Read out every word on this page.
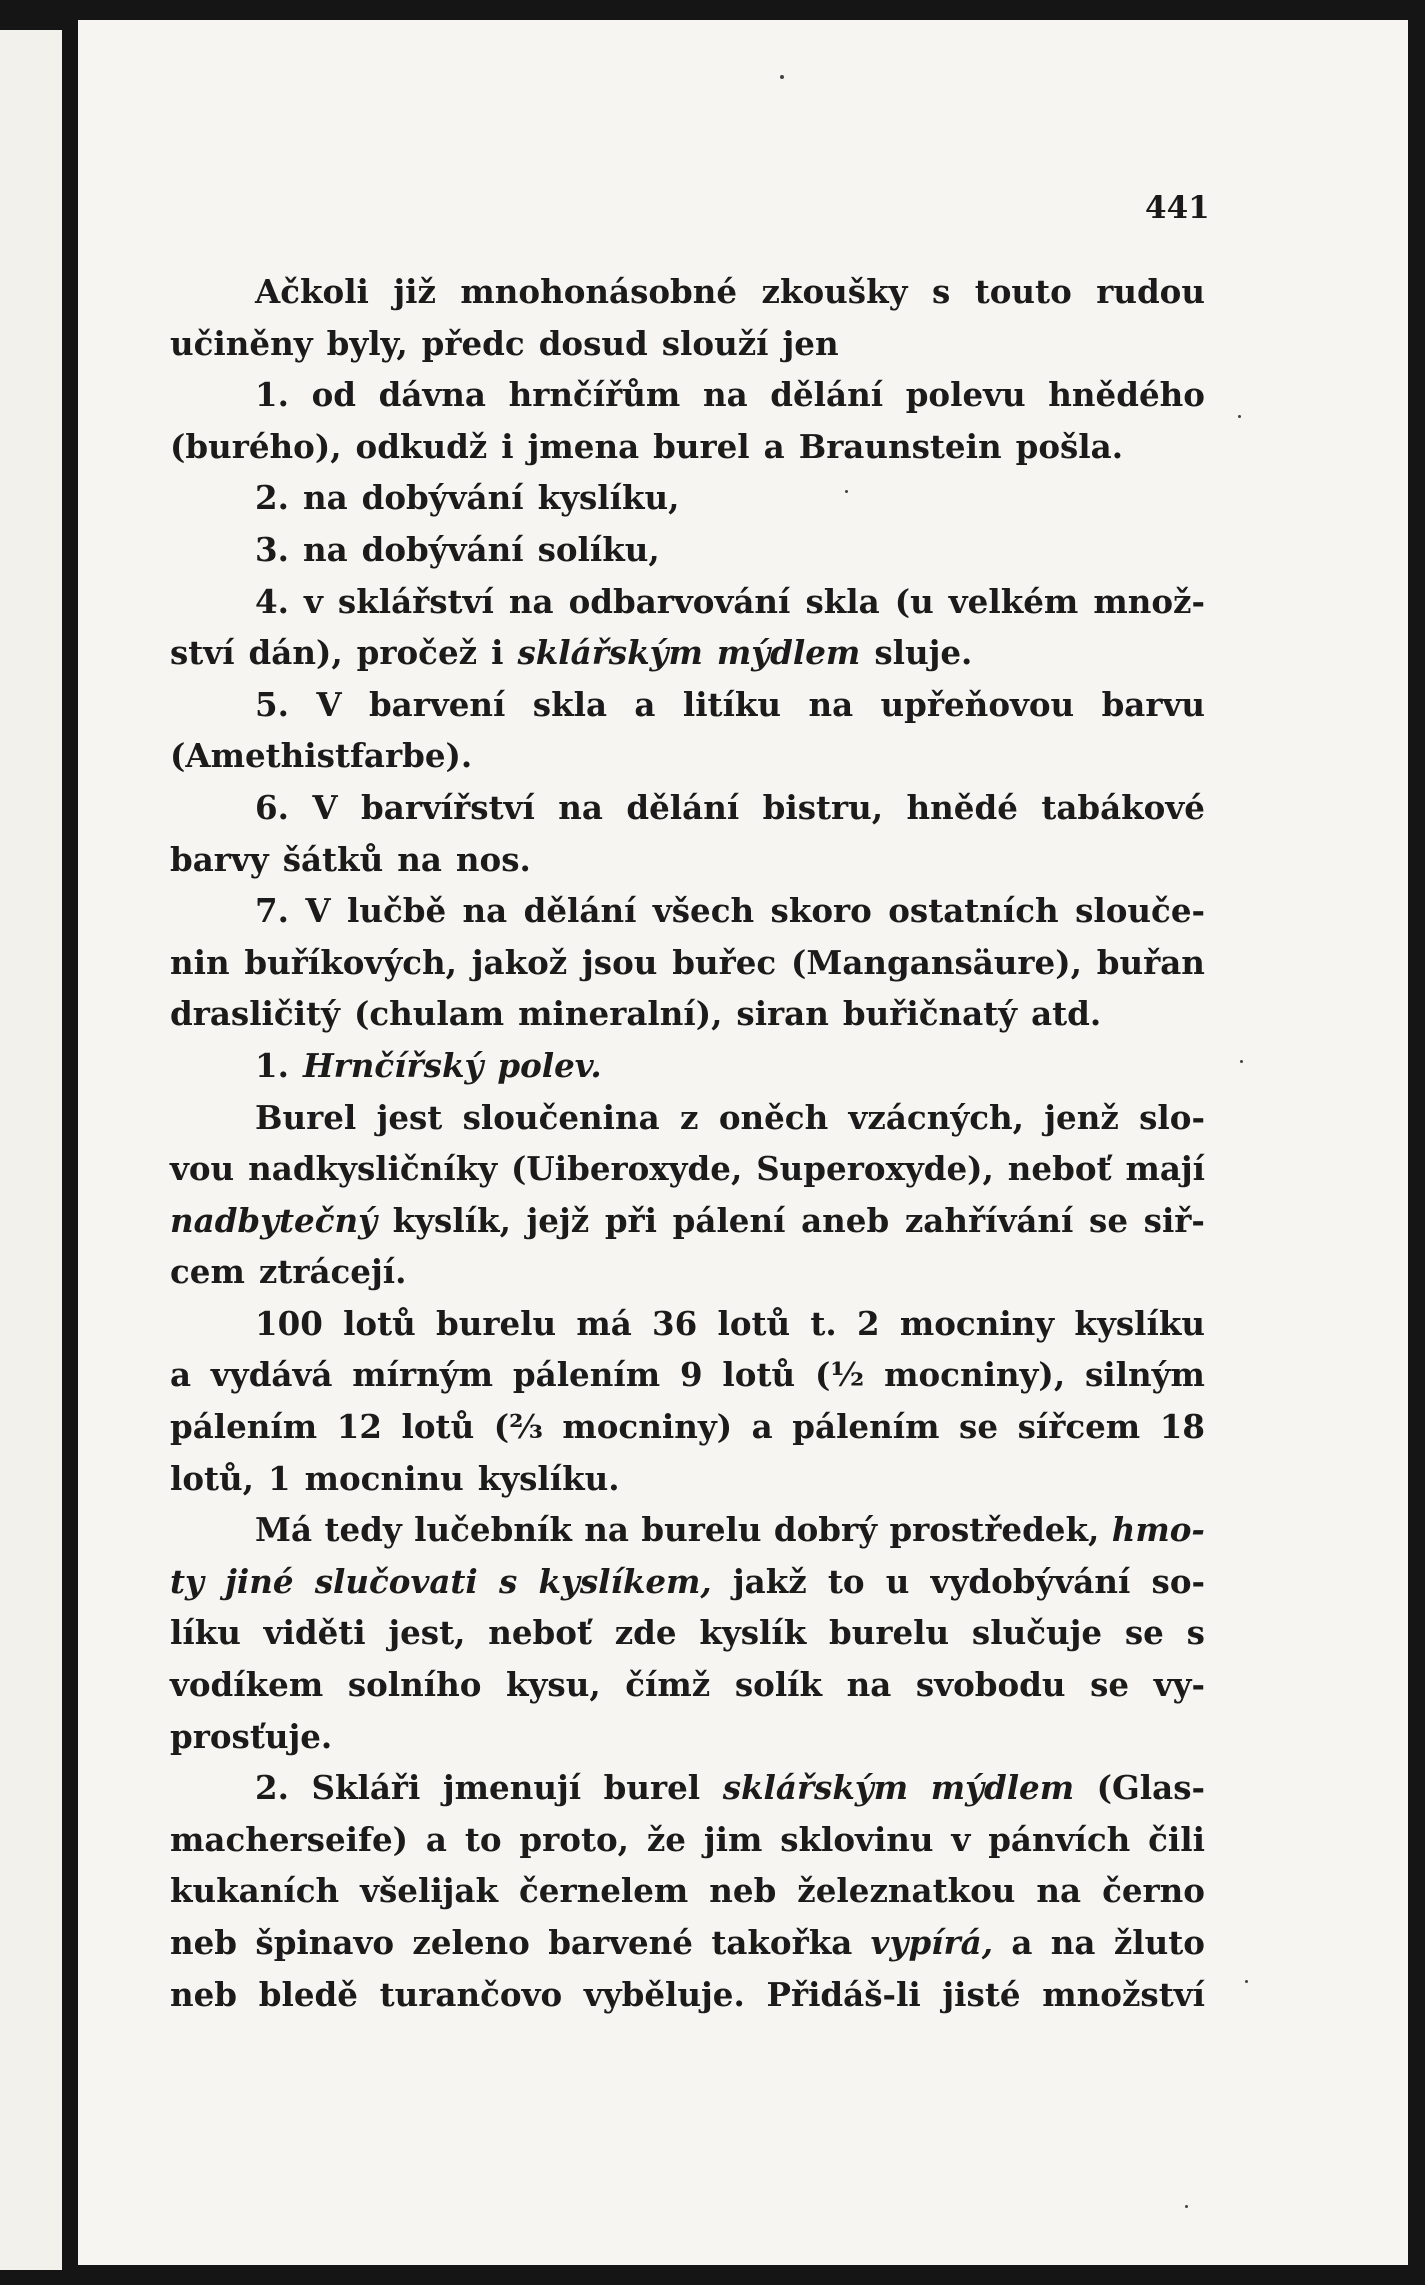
441
Ačkoli již mnohonásobné zkoušky s touto rudou
učiněny byly, předc dosud slouží jen
1. od dávna hrnčířům na dělání polevu hnědého
(burého), odkudž i jmena burel a Braunstein pošla.
2. na dobývání kyslíku,
3. na dobývání solíku,
4. v sklářství na odbarvování skla (u velkém množ-
ství dán), pročež i sklářským mýdlem sluje.
5. V barvení skla a litíku na upřeňovou barvu
(Amethistfarbe).
6. V barvířství na dělání bistru, hnědé tabákové
barvy šátků na nos.
7. V lučbě na dělání všech skoro ostatních slouče-
nin buříkových, jakož jsou buřec (Mangansäure), buřan
drasličitý (chulam mineralní), siran buřičnatý atd.
1. Hrnčířský polev.
Burel jest sloučenina z oněch vzácných, jenž slo-
vou nadkysličníky (Uiberoxyde, Superoxyde), neboť mají
nadbytečný kyslík, jejž při pálení aneb zahřívání se siř-
cem ztrácejí.
100 lotů burelu má 36 lotů t. 2 mocniny kyslíku
a vydává mírným pálením 9 lotů (½ mocniny), silným
pálením 12 lotů (⅔ mocniny) a pálením se sířcem 18
lotů, 1 mocninu kyslíku.
Má tedy lučebník na burelu dobrý prostředek, hmo-
ty jiné slučovati s kyslíkem, jakž to u vydobývání so-
líku viděti jest, neboť zde kyslík burelu slučuje se s
vodíkem solního kysu, čímž solík na svobodu se vy-
prosťuje.
2. Skláři jmenují burel sklářským mýdlem (Glas-
macherseife) a to proto, že jim sklovinu v pánvích čili
kukaních všelijak černelem neb železnatkou na černo
neb špinavo zeleno barvené takořka vypírá, a na žluto
neb bledě turančovo vyběluje. Přidáš-li jisté množství
